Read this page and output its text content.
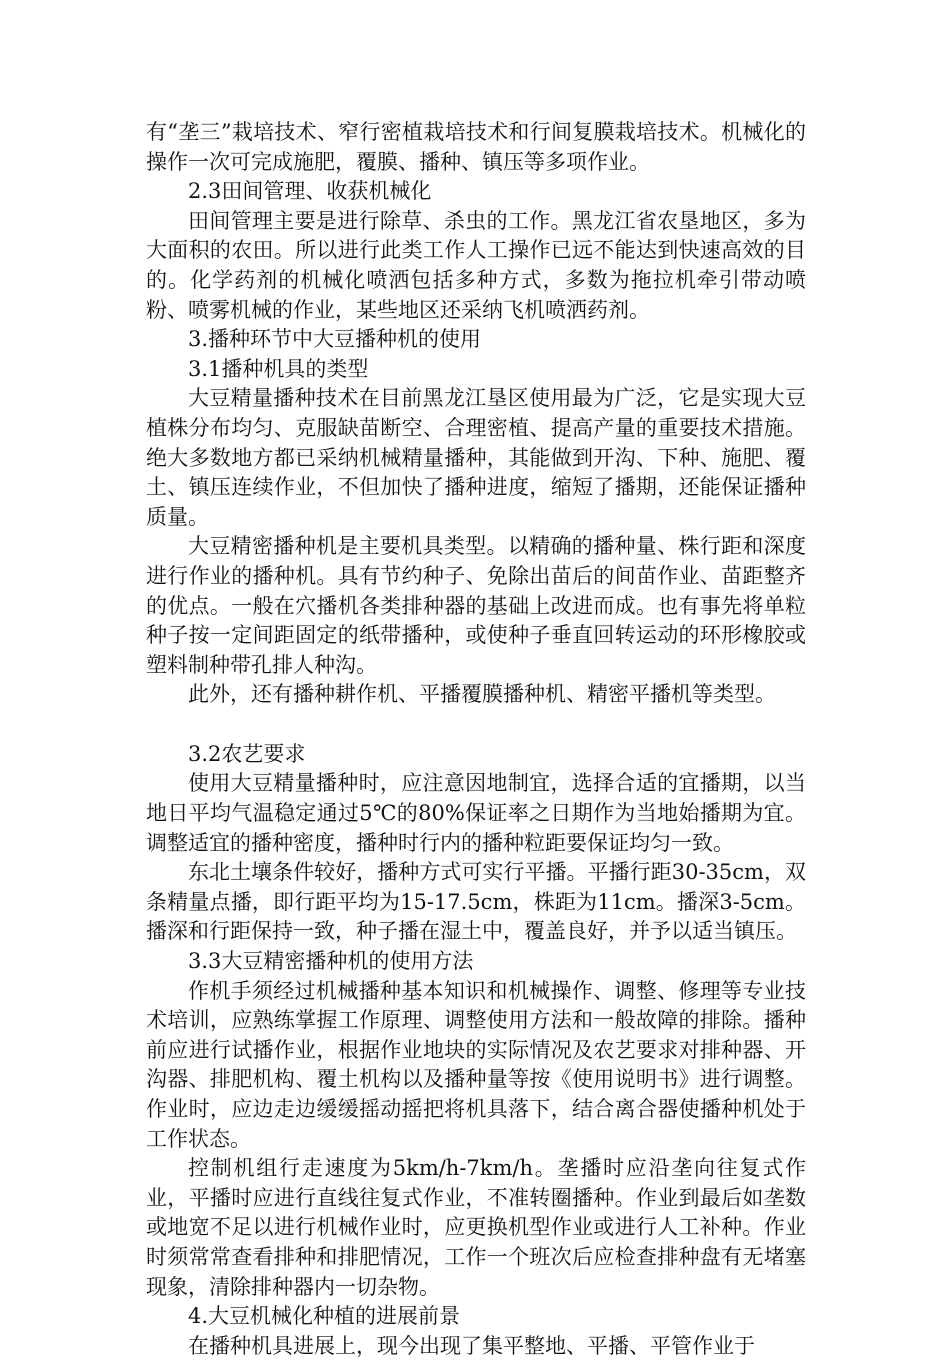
有“垄三”栽培技术、窄行密植栽培技术和行间复膜栽培技术。机械化的操作一次可完成施肥，覆膜、播种、镇压等多项作业。

2.3田间管理、收获机械化

田间管理主要是进行除草、杀虫的工作。黑龙江省农垦地区，多为大面积的农田。所以进行此类工作人工操作已远不能达到快速高效的目的。化学药剂的机械化喷洒包括多种方式，多数为拖拉机牵引带动喷粉、喷雾机械的作业，某些地区还采纳飞机喷洒药剂。

3.播种环节中大豆播种机的使用

3.1播种机具的类型

大豆精量播种技术在目前黑龙江垦区使用最为广泛，它是实现大豆植株分布均匀、克服缺苗断空、合理密植、提高产量的重要技术措施。绝大多数地方都已采纳机械精量播种，其能做到开沟、下种、施肥、覆土、镇压连续作业，不但加快了播种进度，缩短了播期，还能保证播种质量。

大豆精密播种机是主要机具类型。以精确的播种量、株行距和深度进行作业的播种机。具有节约种子、免除出苗后的间苗作业、苗距整齐的优点。一般在穴播机各类排种器的基础上改进而成。也有事先将单粒种子按一定间距固定的纸带播种，或使种子垂直回转运动的环形橡胶或塑料制种带孔排人种沟。

此外，还有播种耕作机、平播覆膜播种机、精密平播机等类型。

3.2农艺要求

使用大豆精量播种时，应注意因地制宜，选择合适的宜播期，以当地日平均气温稳定通过5℃的80%保证率之日期作为当地始播期为宜。调整适宜的播种密度，播种时行内的播种粒距要保证均匀一致。

东北土壤条件较好，播种方式可实行平播。平播行距30-35cm，双条精量点播，即行距平均为15-17.5cm，株距为11cm。播深3-5cm。播深和行距保持一致，种子播在湿土中，覆盖良好，并予以适当镇压。

3.3大豆精密播种机的使用方法

作机手须经过机械播种基本知识和机械操作、调整、修理等专业技术培训，应熟练掌握工作原理、调整使用方法和一般故障的排除。播种前应进行试播作业，根据作业地块的实际情况及农艺要求对排种器、开沟器、排肥机构、覆土机构以及播种量等按《使用说明书》进行调整。作业时，应边走边缓缓摇动摇把将机具落下，结合离合器使播种机处于工作状态。

控制机组行走速度为5km/h-7km/h。垄播时应沿垄向往复式作业，平播时应进行直线往复式作业，不准转圈播种。作业到最后如垄数或地宽不足以进行机械作业时，应更换机型作业或进行人工补种。作业时须常常查看排种和排肥情况，工作一个班次后应检查排种盘有无堵塞现象，清除排种器内一切杂物。

4.大豆机械化种植的进展前景

在播种机具进展上，现今出现了集平整地、平播、平管作业于
